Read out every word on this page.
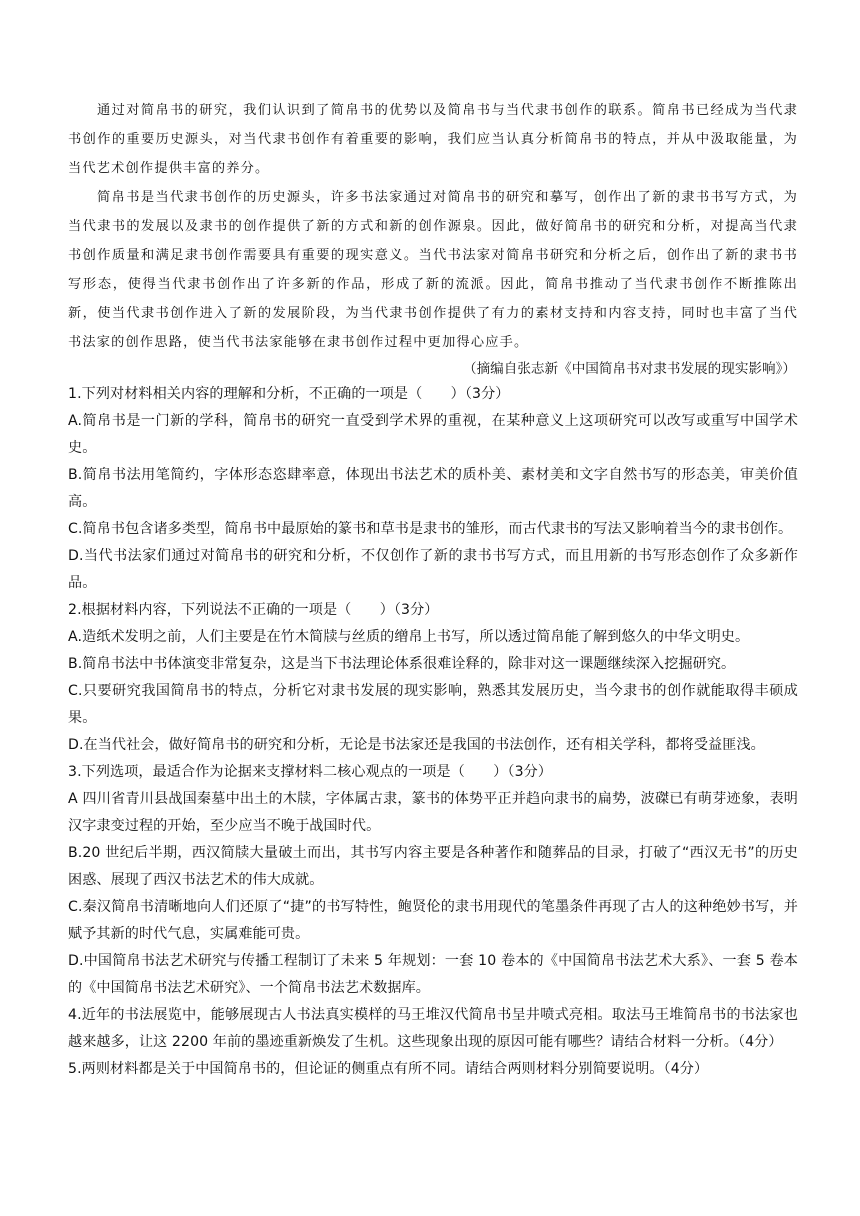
通过对简帛书的研究，我们认识到了简帛书的优势以及简帛书与当代隶书创作的联系。简帛书已经成为当代隶书创作的重要历史源头，对当代隶书创作有着重要的影响，我们应当认真分析简帛书的特点，并从中汲取能量，为当代艺术创作提供丰富的养分。

简帛书是当代隶书创作的历史源头，许多书法家通过对简帛书的研究和摹写，创作出了新的隶书书写方式，为当代隶书的发展以及隶书的创作提供了新的方式和新的创作源泉。因此，做好简帛书的研究和分析，对提高当代隶书创作质量和满足隶书创作需要具有重要的现实意义。当代书法家对简帛书研究和分析之后，创作出了新的隶书书写形态，使得当代隶书创作出了许多新的作品，形成了新的流派。因此，简帛书推动了当代隶书创作不断推陈出新，使当代隶书创作进入了新的发展阶段，为当代隶书创作提供了有力的素材支持和内容支持，同时也丰富了当代书法家的创作思路，使当代书法家能够在隶书创作过程中更加得心应手。

（摘编自张志新《中国简帛书对隶书发展的现实影响》）

1.下列对材料相关内容的理解和分析，不正确的一项是（　　）（3分）

A.简帛书是一门新的学科，简帛书的研究一直受到学术界的重视，在某种意义上这项研究可以改写或重写中国学术史。

B.简帛书法用笔简约，字体形态恣肆率意，体现出书法艺术的质朴美、素材美和文字自然书写的形态美，审美价值高。

C.简帛书包含诸多类型，简帛书中最原始的篆书和草书是隶书的雏形，而古代隶书的写法又影响着当今的隶书创作。

D.当代书法家们通过对简帛书的研究和分析，不仅创作了新的隶书书写方式，而且用新的书写形态创作了众多新作品。

2.根据材料内容，下列说法不正确的一项是（　　）（3分）

A.造纸术发明之前，人们主要是在竹木简牍与丝质的缯帛上书写，所以透过简帛能了解到悠久的中华文明史。

B.简帛书法中书体演变非常复杂，这是当下书法理论体系很难诠释的，除非对这一课题继续深入挖掘研究。

C.只要研究我国简帛书的特点，分析它对隶书发展的现实影响，熟悉其发展历史，当今隶书的创作就能取得丰硕成果。

D.在当代社会，做好简帛书的研究和分析，无论是书法家还是我国的书法创作，还有相关学科，都将受益匪浅。

3.下列选项，最适合作为论据来支撑材料二核心观点的一项是（　　）（3分）

A 四川省青川县战国秦墓中出土的木牍，字体属古隶，篆书的体势平正并趋向隶书的扁势，波磔已有萌芽迹象，表明汉字隶变过程的开始，至少应当不晚于战国时代。

B.20 世纪后半期，西汉简牍大量破土而出，其书写内容主要是各种著作和随葬品的目录，打破了“西汉无书”的历史困惑、展现了西汉书法艺术的伟大成就。

C.秦汉简帛书清晰地向人们还原了“捷”的书写特性，鲍贤伦的隶书用现代的笔墨条件再现了古人的这种绝妙书写，并赋予其新的时代气息，实属难能可贵。

D.中国简帛书法艺术研究与传播工程制订了未来 5 年规划：一套 10 卷本的《中国简帛书法艺术大系》、一套 5 卷本的《中国简帛书法艺术研究》、一个简帛书法艺术数据库。

4.近年的书法展览中，能够展现古人书法真实模样的马王堆汉代简帛书呈井喷式亮相。取法马王堆简帛书的书法家也越来越多，让这 2200 年前的墨迹重新焕发了生机。这些现象出现的原因可能有哪些？请结合材料一分析。（4分）

5.两则材料都是关于中国简帛书的，但论证的侧重点有所不同。请结合两则材料分别简要说明。（4分）
